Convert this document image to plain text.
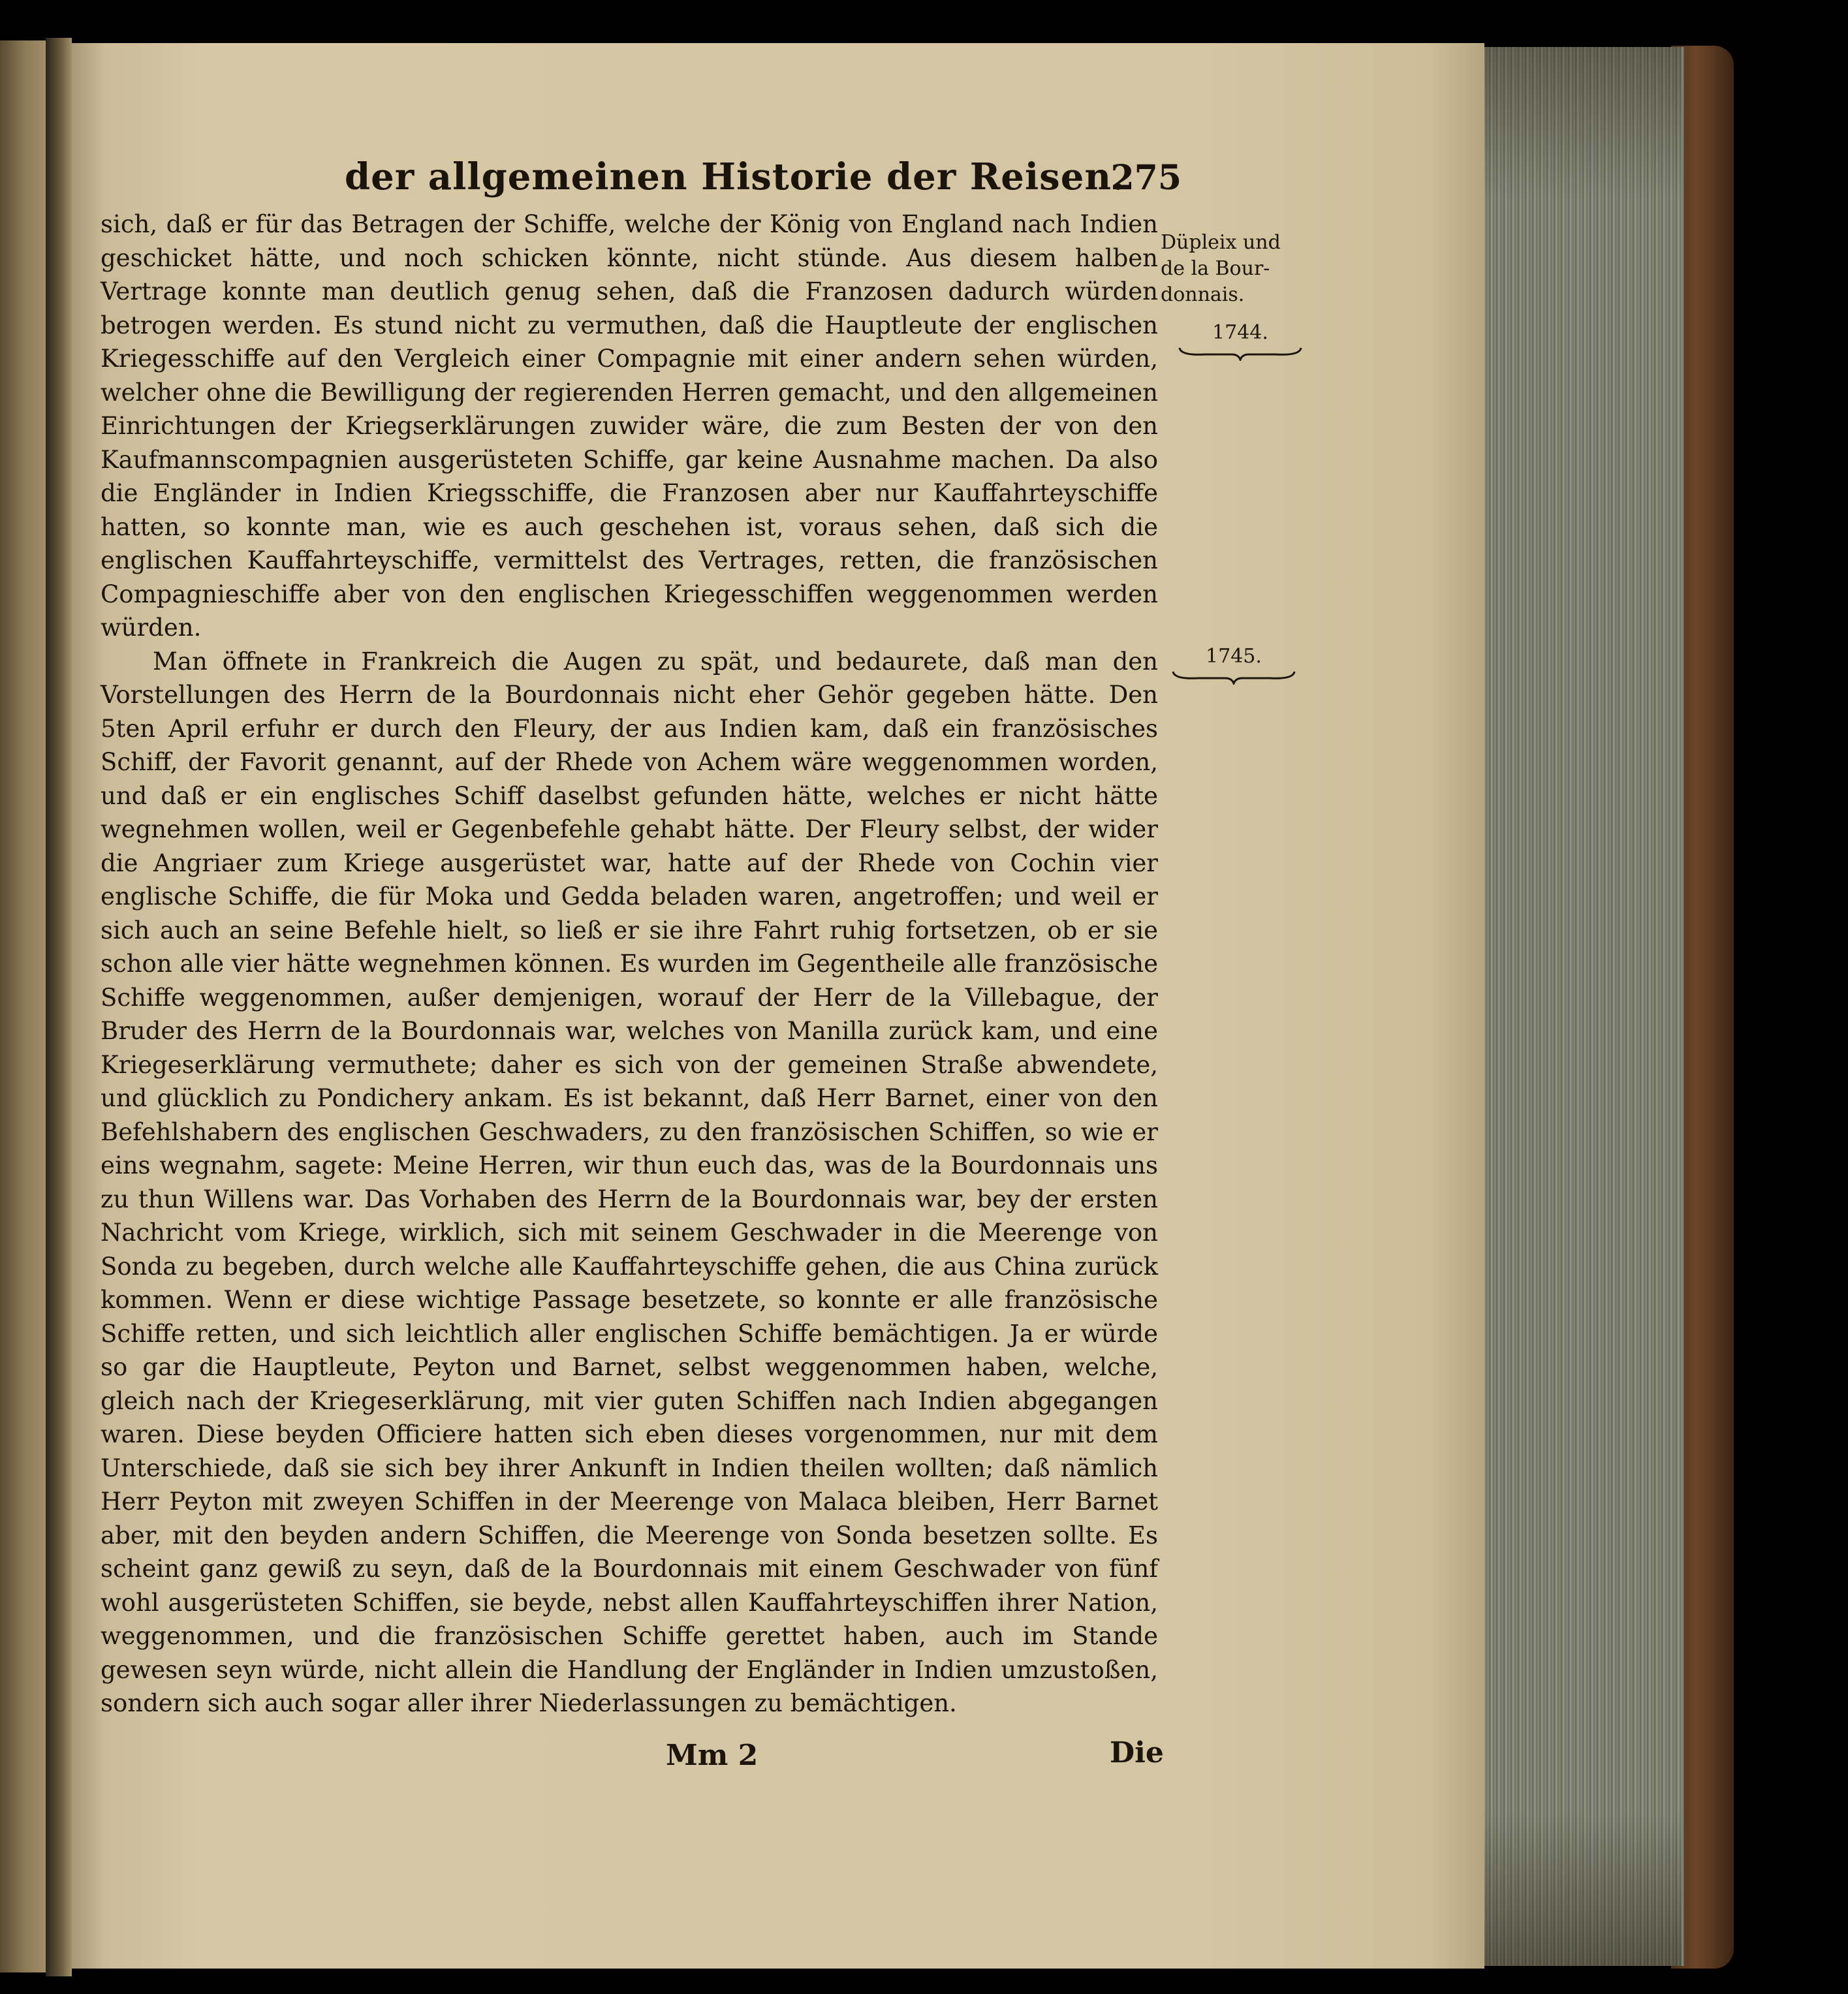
der allgemeinen Historie der Reisen.
275

sich, daß er für das Betragen der Schiffe, welche der König von England nach Indien geschicket hätte, und noch schicken könnte, nicht stünde. Aus diesem halben Vertrage konnte man deutlich genug sehen, daß die Franzosen dadurch würden betrogen werden. Es stund nicht zu vermuthen, daß die Hauptleute der englischen Kriegesschiffe auf den Vergleich einer Compagnie mit einer andern sehen würden, welcher ohne die Bewilligung der regierenden Herren gemacht, und den allgemeinen Einrichtungen der Kriegserklärungen zuwider wäre, die zum Besten der von den Kaufmannscompagnien ausgerüsteten Schiffe, gar keine Ausnahme machen. Da also die Engländer in Indien Kriegsschiffe, die Franzosen aber nur Kauffahrteyschiffe hatten, so konnte man, wie es auch geschehen ist, voraus sehen, daß sich die englischen Kauffahrteyschiffe, vermittelst des Vertrages, retten, die französischen Compagnieschiffe aber von den englischen Kriegesschiffen weggenommen werden würden.

Man öffnete in Frankreich die Augen zu spät, und bedaurete, daß man den Vorstellungen des Herrn de la Bourdonnais nicht eher Gehör gegeben hätte. Den 5ten April erfuhr er durch den Fleury, der aus Indien kam, daß ein französisches Schiff, der Favorit genannt, auf der Rhede von Achem wäre weggenommen worden, und daß er ein englisches Schiff daselbst gefunden hätte, welches er nicht hätte wegnehmen wollen, weil er Gegenbefehle gehabt hätte. Der Fleury selbst, der wider die Angriaer zum Kriege ausgerüstet war, hatte auf der Rhede von Cochin vier englische Schiffe, die für Moka und Gedda beladen waren, angetroffen; und weil er sich auch an seine Befehle hielt, so ließ er sie ihre Fahrt ruhig fortsetzen, ob er sie schon alle vier hätte wegnehmen können. Es wurden im Gegentheile alle französische Schiffe weggenommen, außer demjenigen, worauf der Herr de la Villebague, der Bruder des Herrn de la Bourdonnais war, welches von Manilla zurück kam, und eine Kriegeserklärung vermuthete; daher es sich von der gemeinen Straße abwendete, und glücklich zu Pondichery ankam. Es ist bekannt, daß Herr Barnet, einer von den Befehlshabern des englischen Geschwaders, zu den französischen Schiffen, so wie er eins wegnahm, sagete: Meine Herren, wir thun euch das, was de la Bourdonnais uns zu thun Willens war. Das Vorhaben des Herrn de la Bourdonnais war, bey der ersten Nachricht vom Kriege, wirklich, sich mit seinem Geschwader in die Meerenge von Sonda zu begeben, durch welche alle Kauffahrteyschiffe gehen, die aus China zurück kommen. Wenn er diese wichtige Passage besetzete, so konnte er alle französische Schiffe retten, und sich leichtlich aller englischen Schiffe bemächtigen. Ja er würde so gar die Hauptleute, Peyton und Barnet, selbst weggenommen haben, welche, gleich nach der Kriegeserklärung, mit vier guten Schiffen nach Indien abgegangen waren. Diese beyden Officiere hatten sich eben dieses vorgenommen, nur mit dem Unterschiede, daß sie sich bey ihrer Ankunft in Indien theilen wollten; daß nämlich Herr Peyton mit zweyen Schiffen in der Meerenge von Malaca bleiben, Herr Barnet aber, mit den beyden andern Schiffen, die Meerenge von Sonda besetzen sollte. Es scheint ganz gewiß zu seyn, daß de la Bourdonnais mit einem Geschwader von fünf wohl ausgerüsteten Schiffen, sie beyde, nebst allen Kauffahrteyschiffen ihrer Nation, weggenommen, und die französischen Schiffe gerettet haben, auch im Stande gewesen seyn würde, nicht allein die Handlung der Engländer in Indien umzustoßen, sondern sich auch sogar aller ihrer Niederlassungen zu bemächtigen.

Düpleix und
de la Bour-
donnais.
1744.
1745.
Mm 2	Die
